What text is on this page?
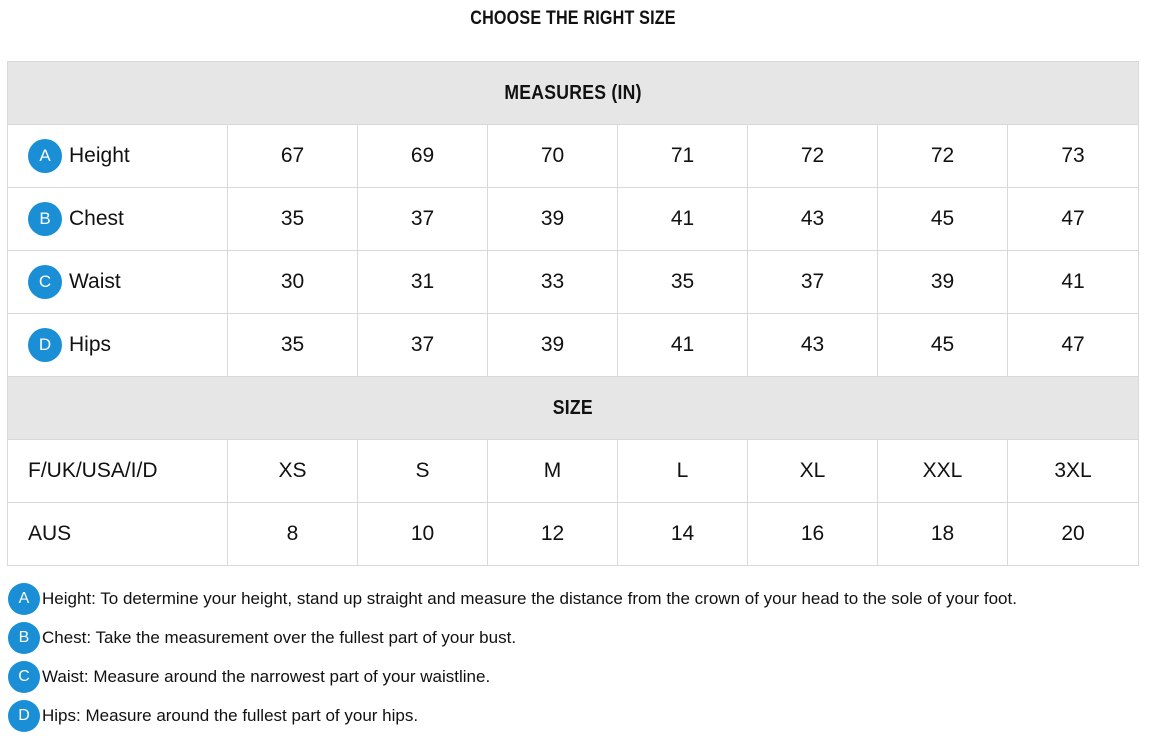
CHOOSE THE RIGHT SIZE
MEASURES (IN)							
A Height	67	69	70	71	72	72	73
B Chest	35	37	39	41	43	45	47
C Waist	30	31	33	35	37	39	41
D Hips	35	37	39	41	43	45	47
SIZE							
F/UK/USA/I/D	XS	S	M	L	XL	XXL	3XL
AUS	8	10	12	14	16	18	20
A Height: To determine your height, stand up straight and measure the distance from the crown of your head to the sole of your foot.
B Chest: Take the measurement over the fullest part of your bust.
C Waist: Measure around the narrowest part of your waistline.
D Hips: Measure around the fullest part of your hips.
